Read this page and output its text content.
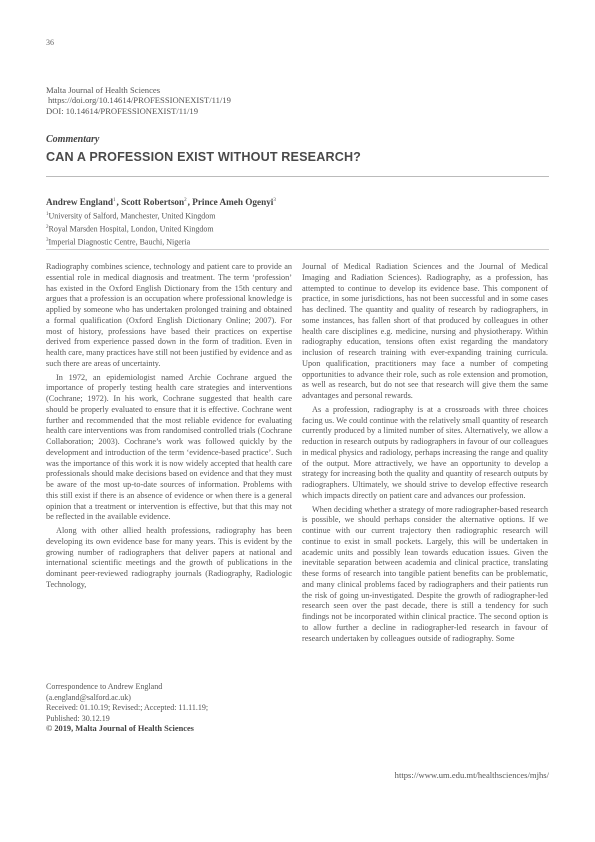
36
Malta Journal of Health Sciences
https://doi.org/10.14614/PROFESSIONEXIST/11/19
DOI: 10.14614/PROFESSIONEXIST/11/19
Commentary
CAN A PROFESSION EXIST WITHOUT RESEARCH?
Andrew England$^1$, Scott Robertson$^2$, Prince Ameh Ogenyi$^3$
$^1$University of Salford, Manchester, United Kingdom
$^2$Royal Marsden Hospital, London, United Kingdom
$^3$Imperial Diagnostic Centre, Bauchi, Nigeria

Radiography combines science, technology and patient care to provide an essential role in medical diagnosis and treatment. The term ‘profession’ has existed in the Oxford English Dictionary from the 15th century and argues that a profession is an occupation where professional knowledge is applied by someone who has undertaken prolonged training and obtained a formal qualification (Oxford English Dictionary Online; 2007). For most of history, professions have based their practices on expertise derived from experience passed down in the form of tradition. Even in health care, many practices have still not been justified by evidence and as such there are areas of uncertainty.

In 1972, an epidemiologist named Archie Cochrane argued the importance of properly testing health care strategies and interventions (Cochrane; 1972). In his work, Cochrane suggested that health care should be properly evaluated to ensure that it is effective. Cochrane went further and recommended that the most reliable evidence for evaluating health care interventions was from randomised controlled trials (Cochrane Collaboration; 2003). Cochrane’s work was followed quickly by the development and introduction of the term ‘evidence-based practice’. Such was the importance of this work it is now widely accepted that health care professionals should make decisions based on evidence and that they must be aware of the most up-to-date sources of information. Problems with this still exist if there is an absence of evidence or when there is a general opinion that a treatment or intervention is effective, but that this may not be reflected in the available evidence.

Along with other allied health professions, radiography has been developing its own evidence base for many years. This is evident by the growing number of radiographers that deliver papers at national and international scientific meetings and the growth of publications in the dominant peer-reviewed radiography journals (Radiography, Radiologic Technology,

Journal of Medical Radiation Sciences and the Journal of Medical Imaging and Radiation Sciences). Radiography, as a profession, has attempted to continue to develop its evidence base. This component of practice, in some jurisdictions, has not been successful and in some cases has declined. The quantity and quality of research by radiographers, in some instances, has fallen short of that produced by colleagues in other health care disciplines e.g. medicine, nursing and physiotherapy. Within radiography education, tensions often exist regarding the mandatory inclusion of research training with ever-expanding training curricula. Upon qualification, practitioners may face a number of competing opportunities to advance their role, such as role extension and promotion, as well as research, but do not see that research will give them the same advantages and personal rewards.

As a profession, radiography is at a crossroads with three choices facing us. We could continue with the relatively small quantity of research currently produced by a limited number of sites. Alternatively, we allow a reduction in research outputs by radiographers in favour of our colleagues in medical physics and radiology, perhaps increasing the range and quality of the output. More attractively, we have an opportunity to develop a strategy for increasing both the quality and quantity of research outputs by radiographers. Ultimately, we should strive to develop effective research which impacts directly on patient care and advances our profession.

When deciding whether a strategy of more radiographer-based research is possible, we should perhaps consider the alternative options. If we continue with our current trajectory then radiographic research will continue to exist in small pockets. Largely, this will be undertaken in academic units and possibly lean towards education issues. Given the inevitable separation between academia and clinical practice, translating these forms of research into tangible patient benefits can be problematic, and many clinical problems faced by radiographers and their patients run the risk of going un-investigated. Despite the growth of radiographer-led research seen over the past decade, there is still a tendency for such findings not be incorporated within clinical practice. The second option is to allow further a decline in radiographer-led research in favour of research undertaken by colleagues outside of radiography. Some

Correspondence to Andrew England
(a.england@salford.ac.uk)
Received: 01.10.19; Revised:; Accepted: 11.11.19;
Published: 30.12.19
© 2019, Malta Journal of Health Sciences
https://www.um.edu.mt/healthsciences/mjhs/
